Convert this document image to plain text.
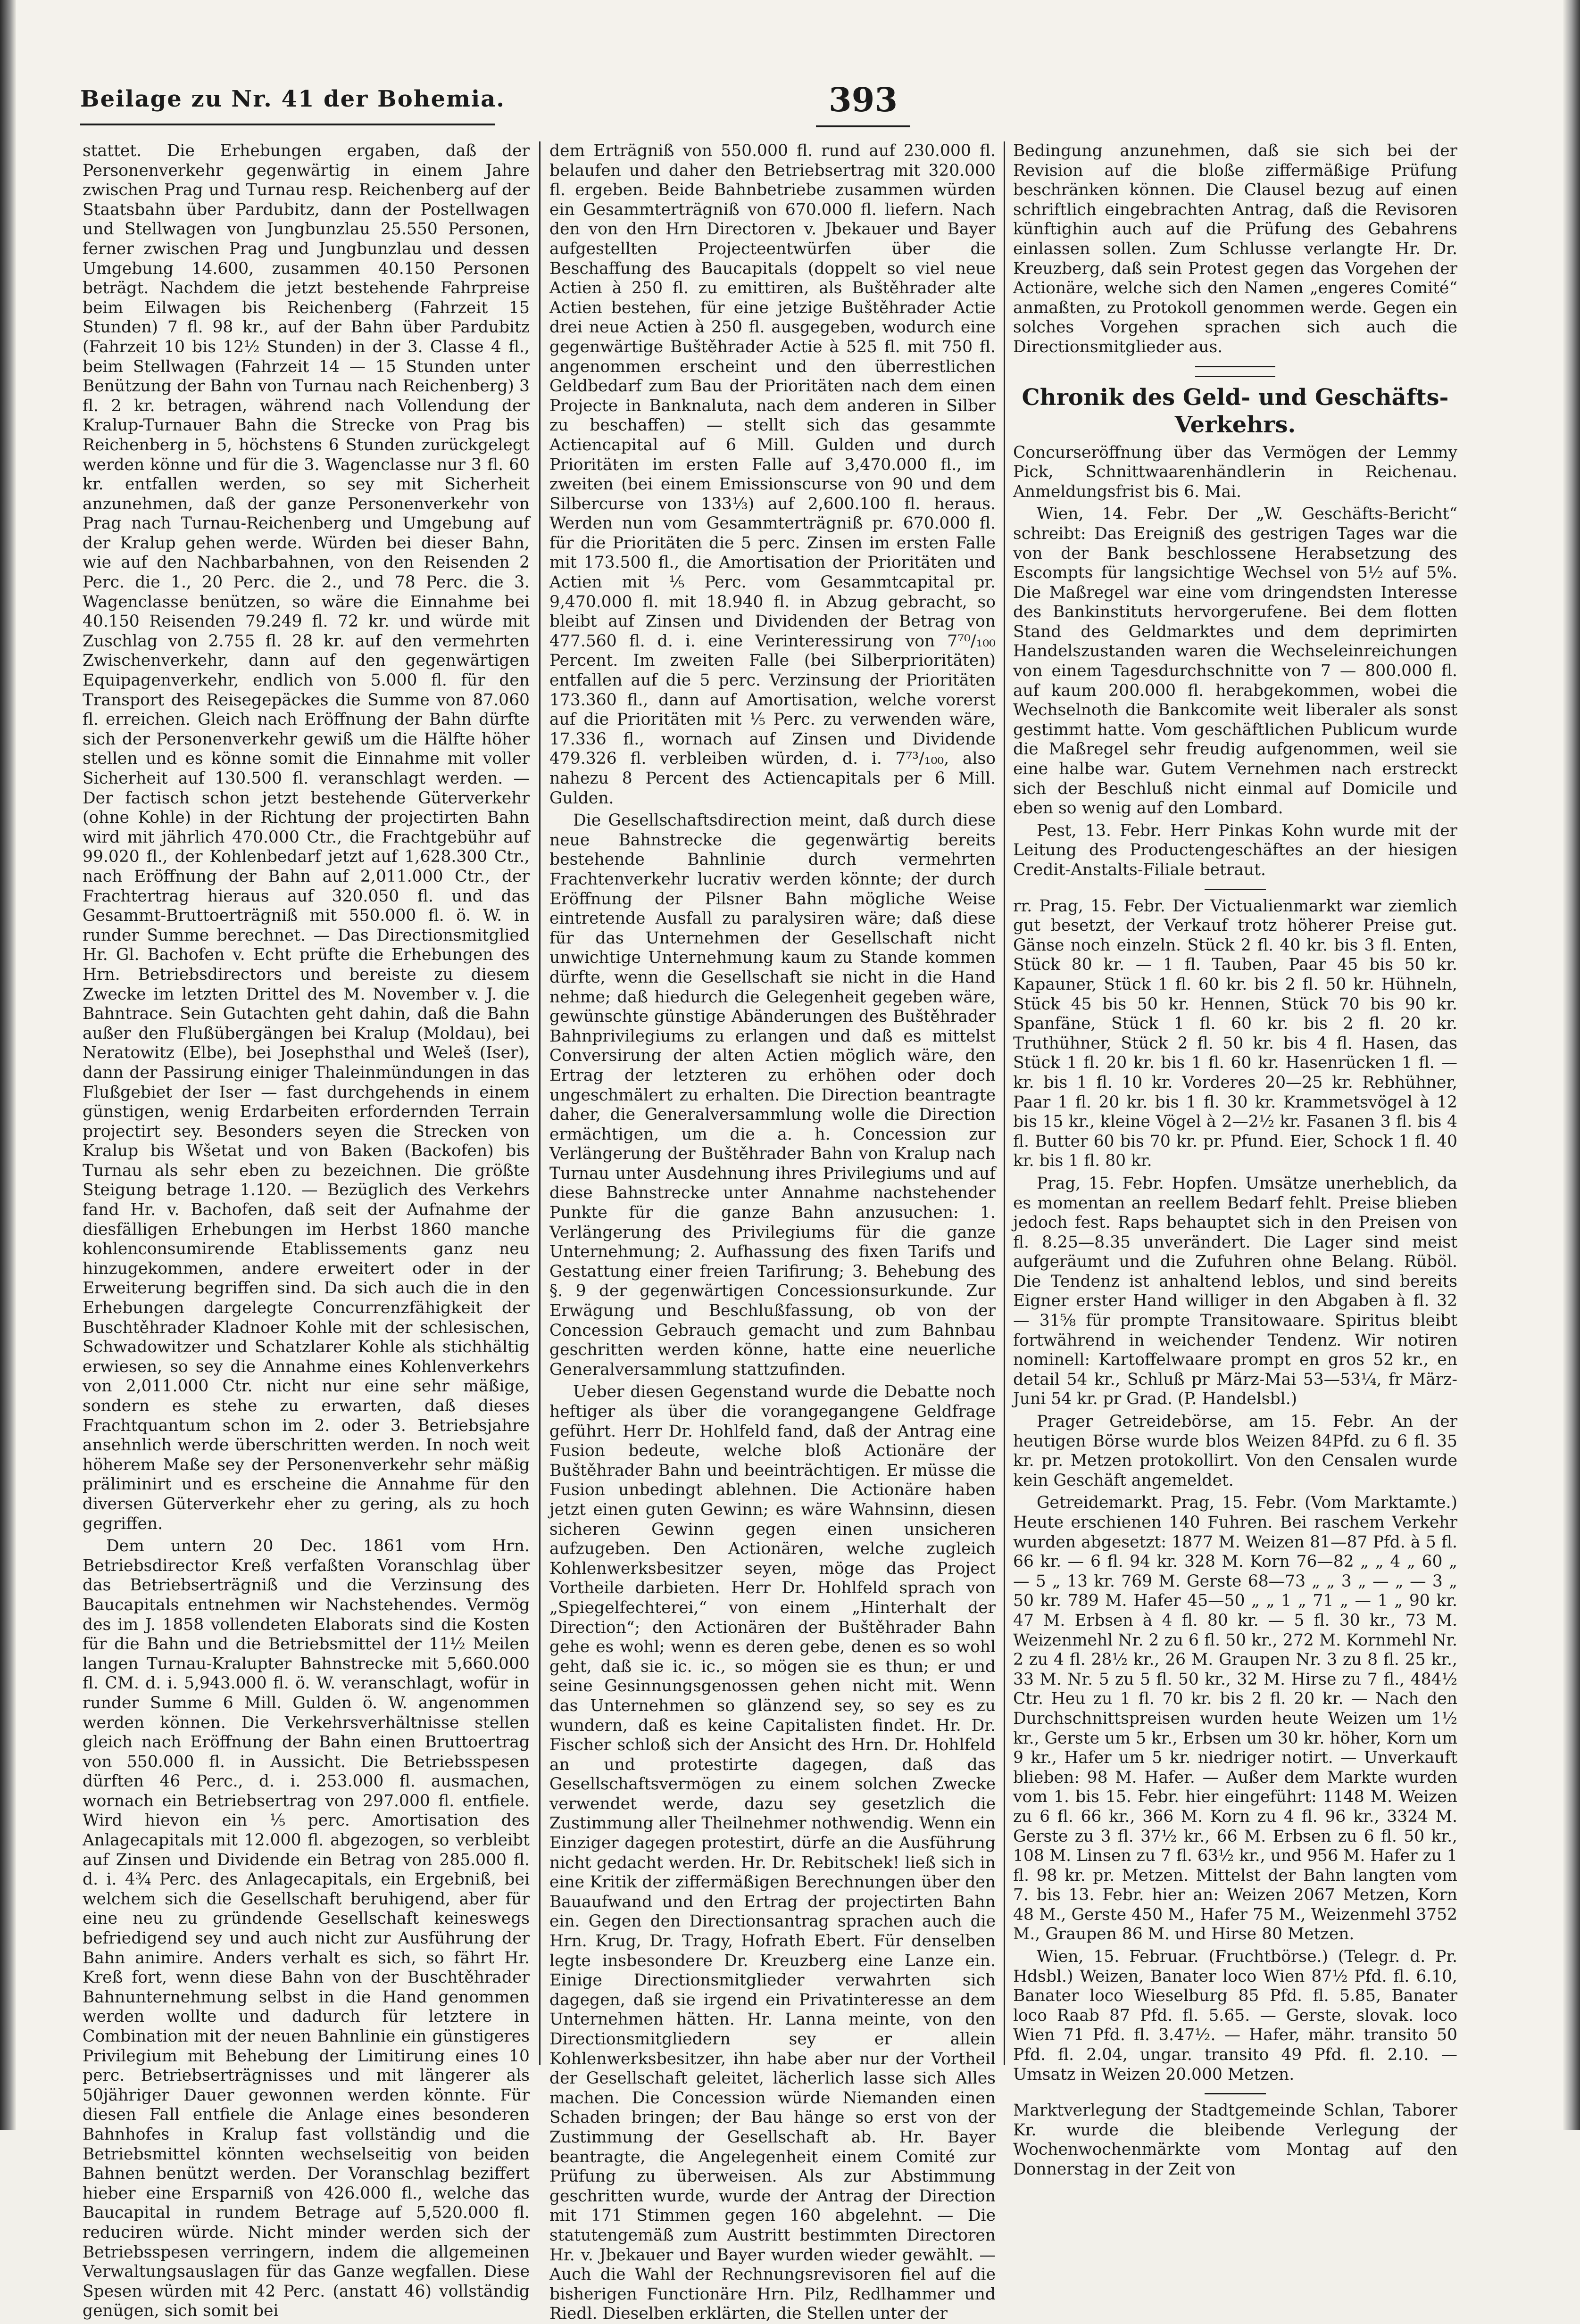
Beilage zu Nr. 41 der Bohemia.	393

stattet. Die Erhebungen ergaben, daß der Personenverkehr gegenwärtig in einem Jahre zwischen Prag und Turnau resp. Reichenberg auf der Staatsbahn über Pardubitz, dann der Postellwagen und Stellwagen von Jungbunzlau 25.550 Personen, ferner zwischen Prag und Jungbunzlau und dessen Umgebung 14.600, zusammen 40.150 Personen beträgt. Nachdem die jetzt bestehende Fahrpreise beim Eilwagen bis Reichenberg (Fahrzeit 15 Stunden) 7 fl. 98 kr., auf der Bahn über Pardubitz (Fahrzeit 10 bis 12½ Stunden) in der 3. Classe 4 fl., beim Stellwagen (Fahrzeit 14 — 15 Stunden unter Benützung der Bahn von Turnau nach Reichenberg) 3 fl. 2 kr. betragen, während nach Vollendung der Kralup-Turnauer Bahn die Strecke von Prag bis Reichenberg in 5, höchstens 6 Stunden zurückgelegt werden könne und für die 3. Wagenclasse nur 3 fl. 60 kr. entfallen werden, so sey mit Sicherheit anzunehmen, daß der ganze Personenverkehr von Prag nach Turnau-Reichenberg und Umgebung auf der Kralup gehen werde. Würden bei dieser Bahn, wie auf den Nachbarbahnen, von den Reisenden 2 Perc. die 1., 20 Perc. die 2., und 78 Perc. die 3. Wagenclasse benützen, so wäre die Einnahme bei 40.150 Reisenden 79.249 fl. 72 kr. und würde mit Zuschlag von 2.755 fl. 28 kr. auf den vermehrten Zwischenverkehr, dann auf den gegenwärtigen Equipagenverkehr, endlich von 5.000 fl. für den Transport des Reisegepäckes die Summe von 87.060 fl. erreichen. Gleich nach Eröffnung der Bahn dürfte sich der Personenverkehr gewiß um die Hälfte höher stellen und es könne somit die Einnahme mit voller Sicherheit auf 130.500 fl. veranschlagt werden. — Der factisch schon jetzt bestehende Güterverkehr (ohne Kohle) in der Richtung der projectirten Bahn wird mit jährlich 470.000 Ctr., die Frachtgebühr auf 99.020 fl., der Kohlenbedarf jetzt auf 1,628.300 Ctr., nach Eröffnung der Bahn auf 2,011.000 Ctr., der Frachtertrag hieraus auf 320.050 fl. und das Gesammt-Bruttoerträgniß mit 550.000 fl. ö. W. in runder Summe berechnet. — Das Directionsmitglied Hr. Gl. Bachofen v. Echt prüfte die Erhebungen des Hrn. Betriebsdirectors und bereiste zu diesem Zwecke im letzten Drittel des M. November v. J. die Bahntrace. Sein Gutachten geht dahin, daß die Bahn außer den Flußübergängen bei Kralup (Moldau), bei Neratowitz (Elbe), bei Josephsthal und Weleš (Iser), dann der Passirung einiger Thaleinmündungen in das Flußgebiet der Iser — fast durchgehends in einem günstigen, wenig Erdarbeiten erfordernden Terrain projectirt sey. Besonders seyen die Strecken von Kralup bis Wšetat und von Baken (Backofen) bis Turnau als sehr eben zu bezeichnen. Die größte Steigung betrage 1.120. — Bezüglich des Verkehrs fand Hr. v. Bachofen, daß seit der Aufnahme der diesfälligen Erhebungen im Herbst 1860 manche kohlenconsumirende Etablissements ganz neu hinzugekommen, andere erweitert oder in der Erweiterung begriffen sind. Da sich auch die in den Erhebungen dargelegte Concurrenzfähigkeit der Buschtěhrader Kladnoer Kohle mit der schlesischen, Schwadowitzer und Schatzlarer Kohle als stichhältig erwiesen, so sey die Annahme eines Kohlenverkehrs von 2,011.000 Ctr. nicht nur eine sehr mäßige, sondern es stehe zu erwarten, daß dieses Frachtquantum schon im 2. oder 3. Betriebsjahre ansehnlich werde überschritten werden. In noch weit höherem Maße sey der Personenverkehr sehr mäßig präliminirt und es erscheine die Annahme für den diversen Güterverkehr eher zu gering, als zu hoch gegriffen.

Dem untern 20 Dec. 1861 vom Hrn. Betriebsdirector Kreß verfaßten Voranschlag über das Betriebserträgniß und die Verzinsung des Baucapitals entnehmen wir Nachstehendes. Vermög des im J. 1858 vollendeten Elaborats sind die Kosten für die Bahn und die Betriebsmittel der 11½ Meilen langen Turnau-Kralupter Bahnstrecke mit 5,660.000 fl. CM. d. i. 5,943.000 fl. ö. W. veranschlagt, wofür in runder Summe 6 Mill. Gulden ö. W. angenommen werden können. Die Verkehrsverhältnisse stellen gleich nach Eröffnung der Bahn einen Bruttoertrag von 550.000 fl. in Aussicht. Die Betriebsspesen dürften 46 Perc., d. i. 253.000 fl. ausmachen, wornach ein Betriebsertrag von 297.000 fl. entfiele. Wird hievon ein ⅕ perc. Amortisation des Anlagecapitals mit 12.000 fl. abgezogen, so verbleibt auf Zinsen und Dividende ein Betrag von 285.000 fl. d. i. 4¾ Perc. des Anlagecapitals, ein Ergebniß, bei welchem sich die Gesellschaft beruhigend, aber für eine neu zu gründende Gesellschaft keineswegs befriedigend sey und auch nicht zur Ausführung der Bahn animire. Anders verhalt es sich, so fährt Hr. Kreß fort, wenn diese Bahn von der Buschtěhrader Bahnunternehmung selbst in die Hand genommen werden wollte und dadurch für letztere in Combination mit der neuen Bahnlinie ein günstigeres Privilegium mit Behebung der Limitirung eines 10 perc. Betriebserträgnisses und mit längerer als 50jähriger Dauer gewonnen werden könnte. Für diesen Fall entfiele die Anlage eines besonderen Bahnhofes in Kralup fast vollständig und die Betriebsmittel könnten wechselseitig von beiden Bahnen benützt werden. Der Voranschlag beziffert hieber eine Ersparniß von 426.000 fl., welche das Baucapital in rundem Betrage auf 5,520.000 fl. reduciren würde. Nicht minder werden sich der Betriebsspesen verringern, indem die allgemeinen Verwaltungsauslagen für das Ganze wegfallen. Diese Spesen würden mit 42 Perc. (anstatt 46) vollständig genügen, sich somit bei

dem Erträgniß von 550.000 fl. rund auf 230.000 fl. belaufen und daher den Betriebsertrag mit 320.000 fl. ergeben. Beide Bahnbetriebe zusammen würden ein Gesammterträgniß von 670.000 fl. liefern. Nach den von den Hrn Directoren v. Jbekauer und Bayer aufgestellten Projecteentwürfen über die Beschaffung des Baucapitals (doppelt so viel neue Actien à 250 fl. zu emittiren, als Buštěhrader alte Actien bestehen, für eine jetzige Buštěhrader Actie drei neue Actien à 250 fl. ausgegeben, wodurch eine gegenwärtige Buštěhrader Actie à 525 fl. mit 750 fl. angenommen erscheint und den überrestlichen Geldbedarf zum Bau der Prioritäten nach dem einen Projecte in Banknaluta, nach dem anderen in Silber zu beschaffen) — stellt sich das gesammte Actiencapital auf 6 Mill. Gulden und durch Prioritäten im ersten Falle auf 3,470.000 fl., im zweiten (bei einem Emissionscurse von 90 und dem Silbercurse von 133⅓) auf 2,600.100 fl. heraus. Werden nun vom Gesammterträgniß pr. 670.000 fl. für die Prioritäten die 5 perc. Zinsen im ersten Falle mit 173.500 fl., die Amortisation der Prioritäten und Actien mit ⅕ Perc. vom Gesammtcapital pr. 9,470.000 fl. mit 18.940 fl. in Abzug gebracht, so bleibt auf Zinsen und Dividenden der Betrag von 477.560 fl. d. i. eine Verinteressirung von 7⁷⁰/₁₀₀ Percent. Im zweiten Falle (bei Silberprioritäten) entfallen auf die 5 perc. Verzinsung der Prioritäten 173.360 fl., dann auf Amortisation, welche vorerst auf die Prioritäten mit ⅕ Perc. zu verwenden wäre, 17.336 fl., wornach auf Zinsen und Dividende 479.326 fl. verbleiben würden, d. i. 7⁷³/₁₀₀, also nahezu 8 Percent des Actiencapitals per 6 Mill. Gulden.

Die Gesellschaftsdirection meint, daß durch diese neue Bahnstrecke die gegenwärtig bereits bestehende Bahnlinie durch vermehrten Frachtenverkehr lucrativ werden könnte; der durch Eröffnung der Pilsner Bahn mögliche Weise eintretende Ausfall zu paralysiren wäre; daß diese für das Unternehmen der Gesellschaft nicht unwichtige Unternehmung kaum zu Stande kommen dürfte, wenn die Gesellschaft sie nicht in die Hand nehme; daß hiedurch die Gelegenheit gegeben wäre, gewünschte günstige Abänderungen des Buštěhrader Bahnprivilegiums zu erlangen und daß es mittelst Conversirung der alten Actien möglich wäre, den Ertrag der letzteren zu erhöhen oder doch ungeschmälert zu erhalten. Die Direction beantragte daher, die Generalversammlung wolle die Direction ermächtigen, um die a. h. Concession zur Verlängerung der Buštěhrader Bahn von Kralup nach Turnau unter Ausdehnung ihres Privilegiums und auf diese Bahnstrecke unter Annahme nachstehender Punkte für die ganze Bahn anzusuchen: 1. Verlängerung des Privilegiums für die ganze Unternehmung; 2. Aufhassung des fixen Tarifs und Gestattung einer freien Tarifirung; 3. Behebung des §. 9 der gegenwärtigen Concessionsurkunde. Zur Erwägung und Beschlußfassung, ob von der Concession Gebrauch gemacht und zum Bahnbau geschritten werden könne, hatte eine neuerliche Generalversammlung stattzufinden.

Ueber diesen Gegenstand wurde die Debatte noch heftiger als über die vorangegangene Geldfrage geführt. Herr Dr. Hohlfeld fand, daß der Antrag eine Fusion bedeute, welche bloß Actionäre der Buštěhrader Bahn und beeinträchtigen. Er müsse die Fusion unbedingt ablehnen. Die Actionäre haben jetzt einen guten Gewinn; es wäre Wahnsinn, diesen sicheren Gewinn gegen einen unsicheren aufzugeben. Den Actionären, welche zugleich Kohlenwerksbesitzer seyen, möge das Project Vortheile darbieten. Herr Dr. Hohlfeld sprach von „Spiegelfechterei,“ von einem „Hinterhalt der Direction“; den Actionären der Buštěhrader Bahn gehe es wohl; wenn es deren gebe, denen es so wohl geht, daß sie ic. ic., so mögen sie es thun; er und seine Gesinnungsgenossen gehen nicht mit. Wenn das Unternehmen so glänzend sey, so sey es zu wundern, daß es keine Capitalisten findet. Hr. Dr. Fischer schloß sich der Ansicht des Hrn. Dr. Hohlfeld an und protestirte dagegen, daß das Gesellschaftsvermögen zu einem solchen Zwecke verwendet werde, dazu sey gesetzlich die Zustimmung aller Theilnehmer nothwendig. Wenn ein Einziger dagegen protestirt, dürfe an die Ausführung nicht gedacht werden. Hr. Dr. Rebitschek! ließ sich in eine Kritik der ziffermäßigen Berechnungen über den Bauaufwand und den Ertrag der projectirten Bahn ein. Gegen den Directionsantrag sprachen auch die Hrn. Krug, Dr. Tragy, Hofrath Ebert. Für denselben legte insbesondere Dr. Kreuzberg eine Lanze ein. Einige Directionsmitglieder verwahrten sich dagegen, daß sie irgend ein Privatinteresse an dem Unternehmen hätten. Hr. Lanna meinte, von den Directionsmitgliedern sey er allein Kohlenwerksbesitzer, ihn habe aber nur der Vortheil der Gesellschaft geleitet, lächerlich lasse sich Alles machen. Die Concession würde Niemanden einen Schaden bringen; der Bau hänge so erst von der Zustimmung der Gesellschaft ab. Hr. Bayer beantragte, die Angelegenheit einem Comité zur Prüfung zu überweisen. Als zur Abstimmung geschritten wurde, wurde der Antrag der Direction mit 171 Stimmen gegen 160 abgelehnt. — Die statutengemäß zum Austritt bestimmten Directoren Hr. v. Jbekauer und Bayer wurden wieder gewählt. — Auch die Wahl der Rechnungsrevisoren fiel auf die bisherigen Functionäre Hrn. Pilz, Redlhammer und Riedl. Dieselben erklärten, die Stellen unter der

Bedingung anzunehmen, daß sie sich bei der Revision auf die bloße ziffermäßige Prüfung beschränken können. Die Clausel bezug auf einen schriftlich eingebrachten Antrag, daß die Revisoren künftighin auch auf die Prüfung des Gebahrens einlassen sollen. Zum Schlusse verlangte Hr. Dr. Kreuzberg, daß sein Protest gegen das Vorgehen der Actionäre, welche sich den Namen „engeres Comité“ anmaßten, zu Protokoll genommen werde. Gegen ein solches Vorgehen sprachen sich auch die Directionsmitglieder aus.

Chronik des Geld- und Geschäfts-Verkehrs.

Concurseröffnung über das Vermögen der Lemmy Pick, Schnittwaarenhändlerin in Reichenau. Anmeldungsfrist bis 6. Mai.

Wien, 14. Febr. Der „W. Geschäfts-Bericht“ schreibt: Das Ereigniß des gestrigen Tages war die von der Bank beschlossene Herabsetzung des Escompts für langsichtige Wechsel von 5½ auf 5%. Die Maßregel war eine vom dringendsten Interesse des Bankinstituts hervorgerufene. Bei dem flotten Stand des Geldmarktes und dem deprimirten Handelszustanden waren die Wechseleinreichungen von einem Tagesdurchschnitte von 7 — 800.000 fl. auf kaum 200.000 fl. herabgekommen, wobei die Wechselnoth die Bankcomite weit liberaler als sonst gestimmt hatte. Vom geschäftlichen Publicum wurde die Maßregel sehr freudig aufgenommen, weil sie eine halbe war. Gutem Vernehmen nach erstreckt sich der Beschluß nicht einmal auf Domicile und eben so wenig auf den Lombard.

Pest, 13. Febr. Herr Pinkas Kohn wurde mit der Leitung des Productengeschäftes an der hiesigen Credit-Anstalts-Filiale betraut.

rr. Prag, 15. Febr. Der Victualienmarkt war ziemlich gut besetzt, der Verkauf trotz höherer Preise gut. Gänse noch einzeln. Stück 2 fl. 40 kr. bis 3 fl. Enten, Stück 80 kr. — 1 fl. Tauben, Paar 45 bis 50 kr. Kapauner, Stück 1 fl. 60 kr. bis 2 fl. 50 kr. Hühneln, Stück 45 bis 50 kr. Hennen, Stück 70 bis 90 kr. Spanfäne, Stück 1 fl. 60 kr. bis 2 fl. 20 kr. Truthühner, Stück 2 fl. 50 kr. bis 4 fl. Hasen, das Stück 1 fl. 20 kr. bis 1 fl. 60 kr. Hasenrücken 1 fl. — kr. bis 1 fl. 10 kr. Vorderes 20—25 kr. Rebhühner, Paar 1 fl. 20 kr. bis 1 fl. 30 kr. Krammetsvögel à 12 bis 15 kr., kleine Vögel à 2—2½ kr. Fasanen 3 fl. bis 4 fl. Butter 60 bis 70 kr. pr. Pfund. Eier, Schock 1 fl. 40 kr. bis 1 fl. 80 kr.

Prag, 15. Febr. Hopfen. Umsätze unerheblich, da es momentan an reellem Bedarf fehlt. Preise blieben jedoch fest. Raps behauptet sich in den Preisen von fl. 8.25—8.35 unverändert. Die Lager sind meist aufgeräumt und die Zufuhren ohne Belang. Rüböl. Die Tendenz ist anhaltend leblos, und sind bereits Eigner erster Hand williger in den Abgaben à fl. 32 — 31⅝ für prompte Transitowaare. Spiritus bleibt fortwährend in weichender Tendenz. Wir notiren nominell: Kartoffelwaare prompt en gros 52 kr., en detail 54 kr., Schluß pr März-Mai 53—53¼, fr März-Juni 54 kr. pr Grad. (P. Handelsbl.)

Prager Getreidebörse, am 15. Febr. An der heutigen Börse wurde blos Weizen 84Pfd. zu 6 fl. 35 kr. pr. Metzen protokollirt. Von den Censalen wurde kein Geschäft angemeldet.

Getreidemarkt. Prag, 15. Febr. (Vom Marktamte.) Heute erschienen 140 Fuhren. Bei raschem Verkehr wurden abgesetzt: 1877 M. Weizen 81—87 Pfd. à 5 fl. 66 kr. — 6 fl. 94 kr. 328 M. Korn 76—82 „ „ 4 „ 60 „ — 5 „ 13 kr. 769 M. Gerste 68—73 „ „ 3 „ — „ — 3 „ 50 kr. 789 M. Hafer 45—50 „ „ 1 „ 71 „ — 1 „ 90 kr. 47 M. Erbsen à 4 fl. 80 kr. — 5 fl. 30 kr., 73 M. Weizenmehl Nr. 2 zu 6 fl. 50 kr., 272 M. Kornmehl Nr. 2 zu 4 fl. 28½ kr., 26 M. Graupen Nr. 3 zu 8 fl. 25 kr., 33 M. Nr. 5 zu 5 fl. 50 kr., 32 M. Hirse zu 7 fl., 484½ Ctr. Heu zu 1 fl. 70 kr. bis 2 fl. 20 kr. — Nach den Durchschnittspreisen wurden heute Weizen um 1½ kr., Gerste um 5 kr., Erbsen um 30 kr. höher, Korn um 9 kr., Hafer um 5 kr. niedriger notirt. — Unverkauft blieben: 98 M. Hafer. — Außer dem Markte wurden vom 1. bis 15. Febr. hier eingeführt: 1148 M. Weizen zu 6 fl. 66 kr., 366 M. Korn zu 4 fl. 96 kr., 3324 M. Gerste zu 3 fl. 37½ kr., 66 M. Erbsen zu 6 fl. 50 kr., 108 M. Linsen zu 7 fl. 63½ kr., und 956 M. Hafer zu 1 fl. 98 kr. pr. Metzen. Mittelst der Bahn langten vom 7. bis 13. Febr. hier an: Weizen 2067 Metzen, Korn 48 M., Gerste 450 M., Hafer 75 M., Weizenmehl 3752 M., Graupen 86 M. und Hirse 80 Metzen.

Wien, 15. Februar. (Fruchtbörse.) (Telegr. d. Pr. Hdsbl.) Weizen, Banater loco Wien 87½ Pfd. fl. 6.10, Banater loco Wieselburg 85 Pfd. fl. 5.85, Banater loco Raab 87 Pfd. fl. 5.65. — Gerste, slovak. loco Wien 71 Pfd. fl. 3.47½. — Hafer, mähr. transito 50 Pfd. fl. 2.04, ungar. transito 49 Pfd. fl. 2.10. — Umsatz in Weizen 20.000 Metzen.

Marktverlegung der Stadtgemeinde Schlan, Taborer Kr. wurde die bleibende Verlegung der Wochenwochenmärkte vom Montag auf den Donnerstag in der Zeit von
